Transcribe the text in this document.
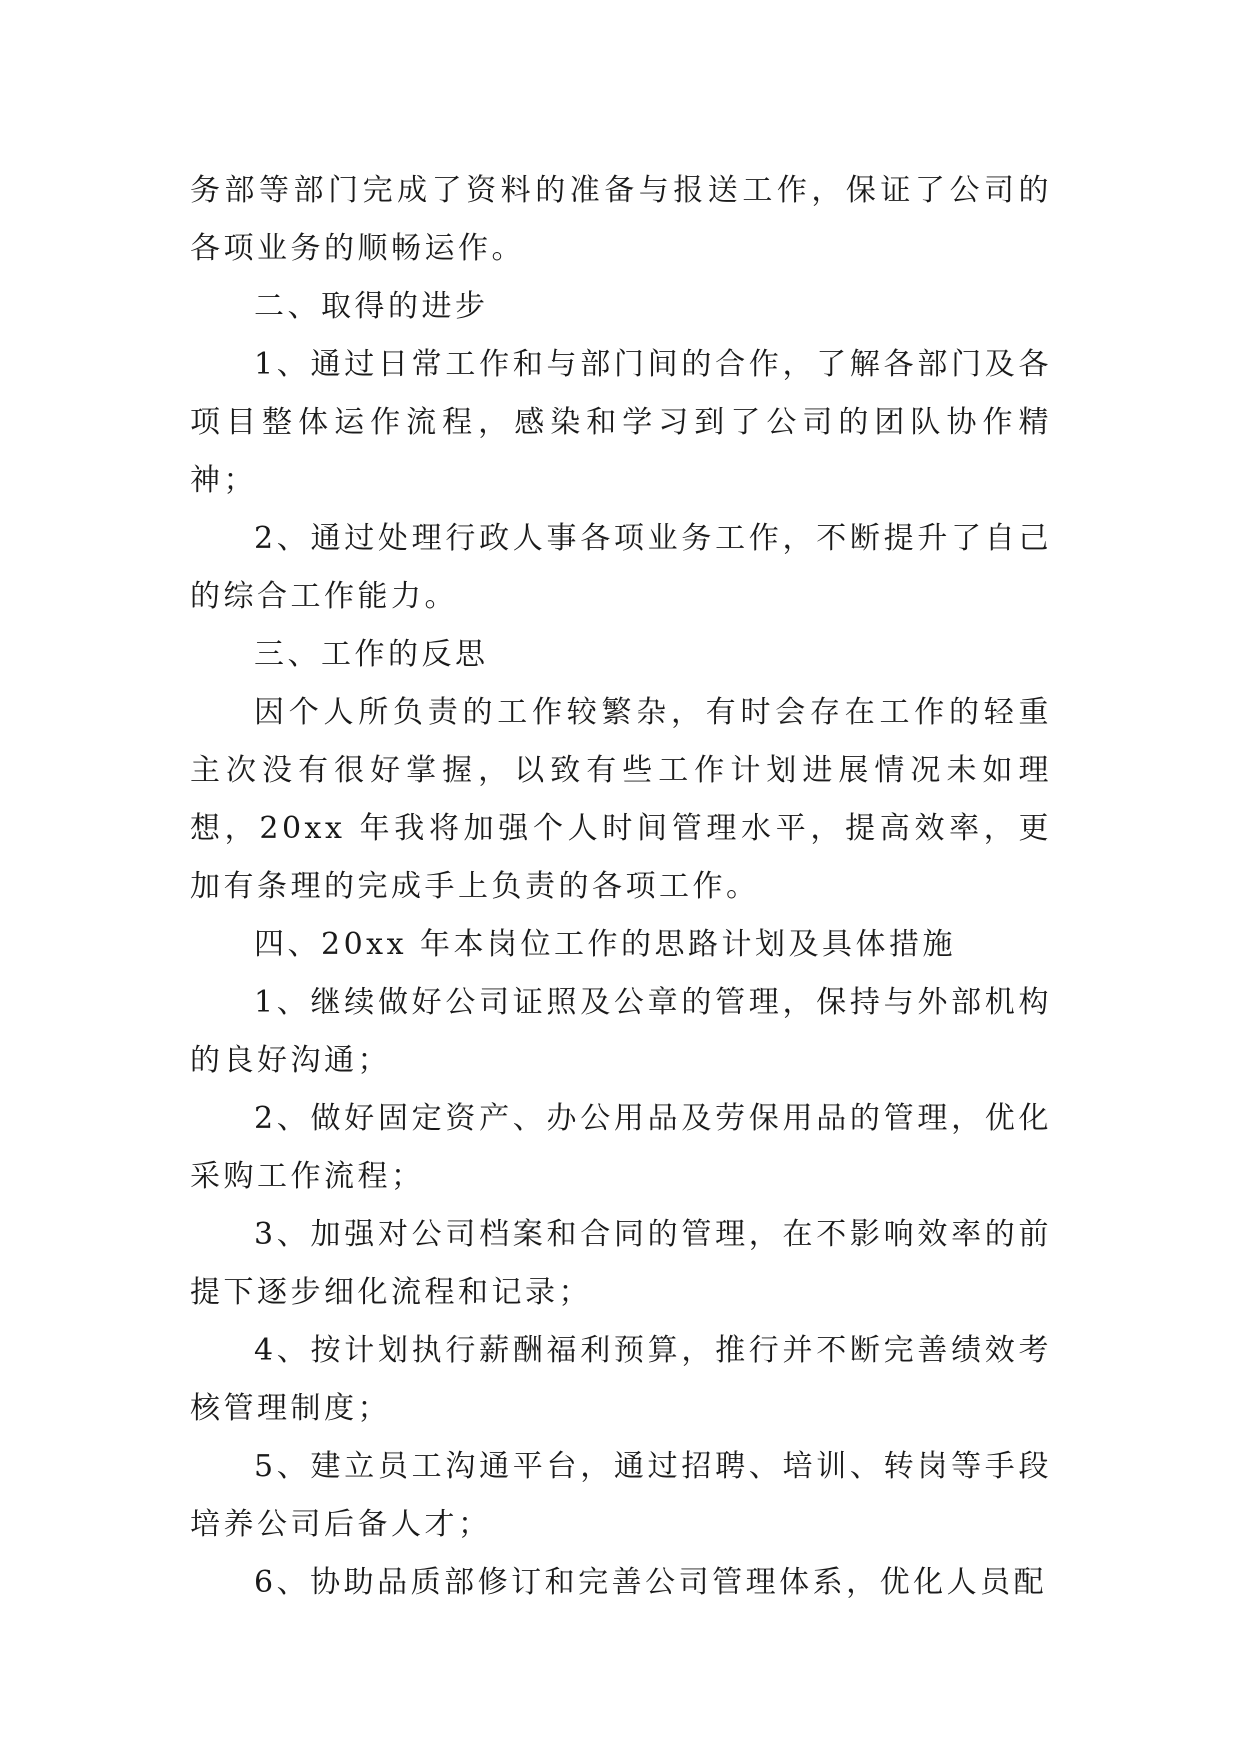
务部等部门完成了资料的准备与报送工作，保证了公司的各项业务的顺畅运作。

二、取得的进步

1、通过日常工作和与部门间的合作，了解各部门及各项目整体运作流程，感染和学习到了公司的团队协作精神；

2、通过处理行政人事各项业务工作，不断提升了自己的综合工作能力。

三、工作的反思

因个人所负责的工作较繁杂，有时会存在工作的轻重主次没有很好掌握，以致有些工作计划进展情况未如理想，20xx 年我将加强个人时间管理水平，提高效率，更加有条理的完成手上负责的各项工作。

四、20xx 年本岗位工作的思路计划及具体措施

1、继续做好公司证照及公章的管理，保持与外部机构的良好沟通；

2、做好固定资产、办公用品及劳保用品的管理，优化采购工作流程；

3、加强对公司档案和合同的管理，在不影响效率的前提下逐步细化流程和记录；

4、按计划执行薪酬福利预算，推行并不断完善绩效考核管理制度；

5、建立员工沟通平台，通过招聘、培训、转岗等手段培养公司后备人才；

6、协助品质部修订和完善公司管理体系，优化人员配
